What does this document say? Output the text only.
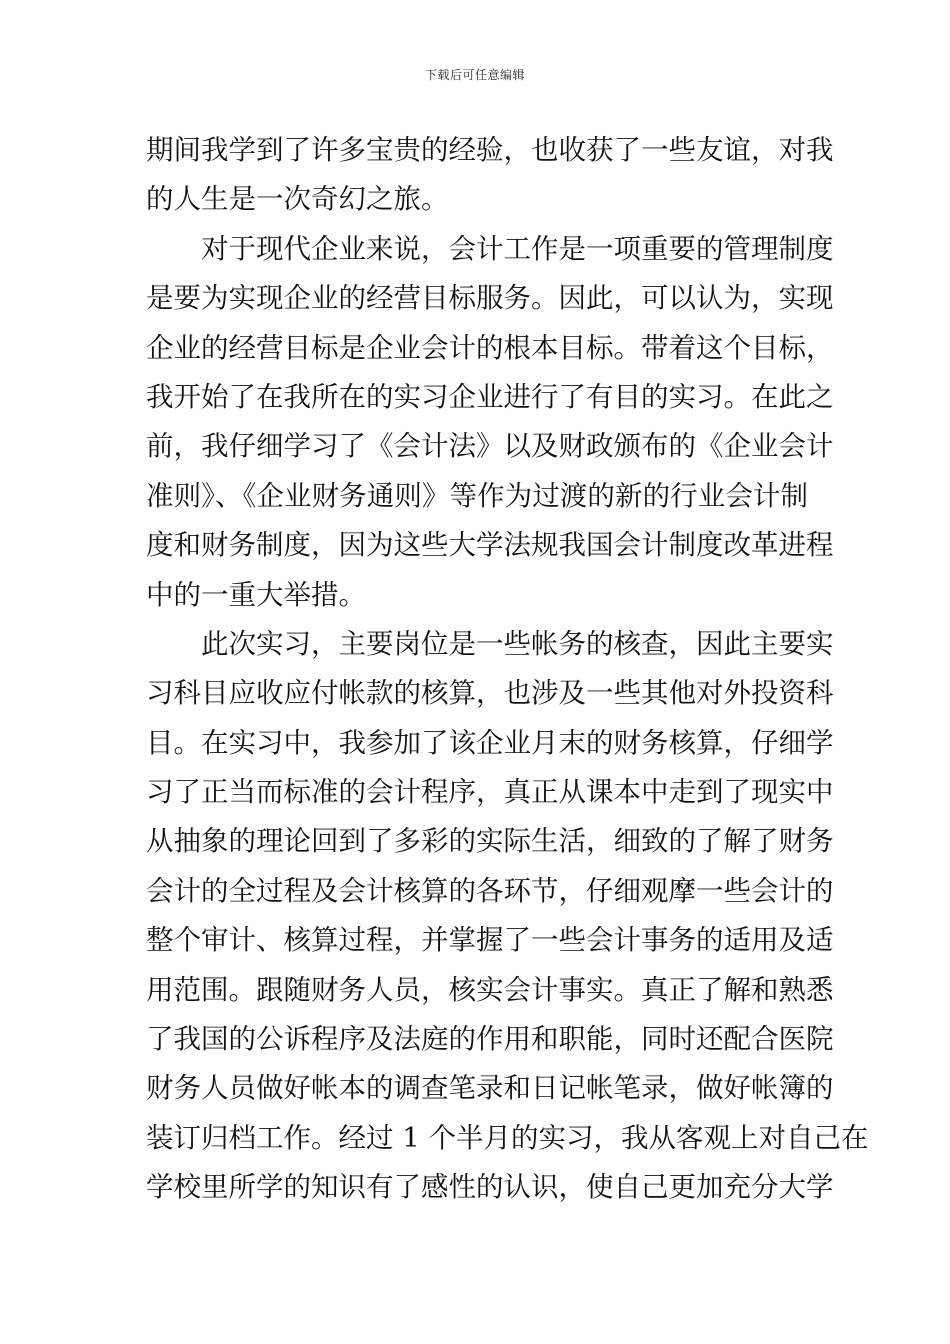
下载后可任意编辑
期间我学到了许多宝贵的经验，也收获了一些友谊，对我
的人生是一次奇幻之旅。
对于现代企业来说，会计工作是一项重要的管理制度
是要为实现企业的经营目标服务。因此，可以认为，实现
企业的经营目标是企业会计的根本目标。带着这个目标，
我开始了在我所在的实习企业进行了有目的实习。在此之
前，我仔细学习了《会计法》以及财政颁布的《企业会计
准则》、《企业财务通则》等作为过渡的新的行业会计制
度和财务制度，因为这些大学法规我国会计制度改革进程
中的一重大举措。
此次实习，主要岗位是一些帐务的核查，因此主要实
习科目应收应付帐款的核算，也涉及一些其他对外投资科
目。在实习中，我参加了该企业月末的财务核算，仔细学
习了正当而标准的会计程序，真正从课本中走到了现实中
从抽象的理论回到了多彩的实际生活，细致的了解了财务
会计的全过程及会计核算的各环节，仔细观摩一些会计的
整个审计、核算过程，并掌握了一些会计事务的适用及适
用范围。跟随财务人员，核实会计事实。真正了解和熟悉
了我国的公诉程序及法庭的作用和职能，同时还配合医院
财务人员做好帐本的调查笔录和日记帐笔录，做好帐簿的
装订归档工作。经过 1 个半月的实习，我从客观上对自己在
学校里所学的知识有了感性的认识，使自己更加充分大学
